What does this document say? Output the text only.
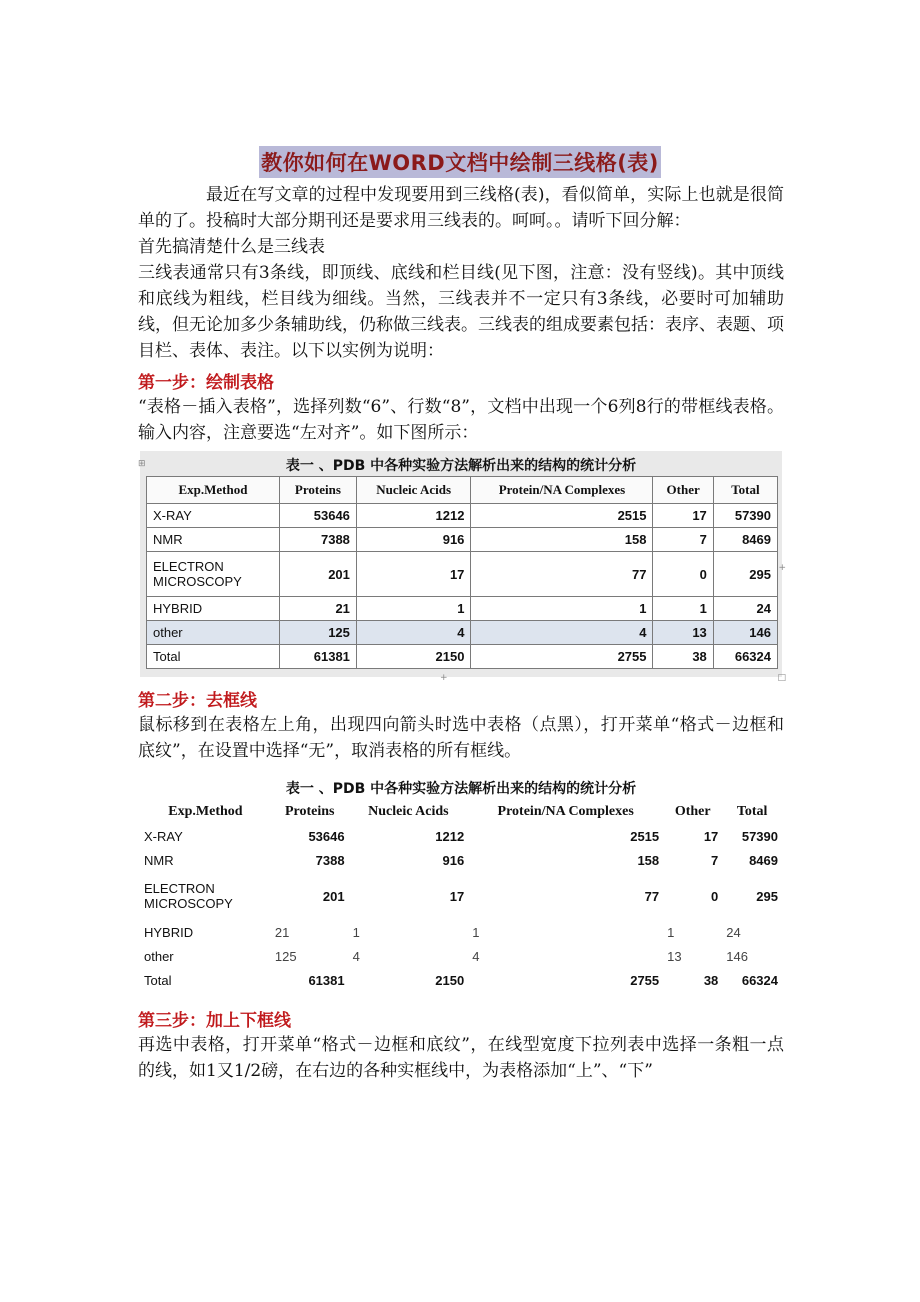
教你如何在WORD文档中绘制三线格(表)

最近在写文章的过程中发现要用到三线格(表)，看似简单，实际上也就是很简单的了。投稿时大部分期刊还是要求用三线表的。呵呵。。请听下回分解：

首先搞清楚什么是三线表

三线表通常只有3条线，即顶线、底线和栏目线(见下图，注意：没有竖线)。其中顶线和底线为粗线，栏目线为细线。当然，三线表并不一定只有3条线，必要时可加辅助线，但无论加多少条辅助线，仍称做三线表。三线表的组成要素包括：表序、表题、项目栏、表体、表注。以下以实例为说明：

第一步：绘制表格
“表格－插入表格”，选择列数“6”、行数“8”，文档中出现一个6列8行的带框线表格。输入内容，注意要选“左对齐”。如下图所示：
⊞	表一 、PDB 中各种实验方法解析出来的结构的统计分析
Exp.Method	Proteins	Nucleic Acids	Protein/NA Complexes	Other	Total
X-RAY	53646	1212	2515	17	57390
NMR	7388	916	158	7	8469
ELECTRON
MICROSCOPY	201	17	77	0	295
HYBRID	21	1	1	1	24
other	125	4	4	13	146
Total	61381	2150	2755	38	66324
+
+	□
第二步：去框线
鼠标移到在表格左上角，出现四向箭头时选中表格（点黑），打开菜单“格式－边框和底纹”，在设置中选择“无”，取消表格的所有框线。
表一 、PDB 中各种实验方法解析出来的结构的统计分析
Exp.Method	Proteins	Nucleic Acids	Protein/NA Complexes	Other	Total
X-RAY	53646	1212	2515	17	57390
NMR	7388	916	158	7	8469
ELECTRON
MICROSCOPY	201	17	77	0	295
HYBRID	21	1	1	1	24
other	125	4	4	13	146
Total	61381	2150	2755	38	66324
第三步：加上下框线
再选中表格，打开菜单“格式－边框和底纹”，在线型宽度下拉列表中选择一条粗一点的线，如1又1/2磅，在右边的各种实框线中，为表格添加“上”、“下”
